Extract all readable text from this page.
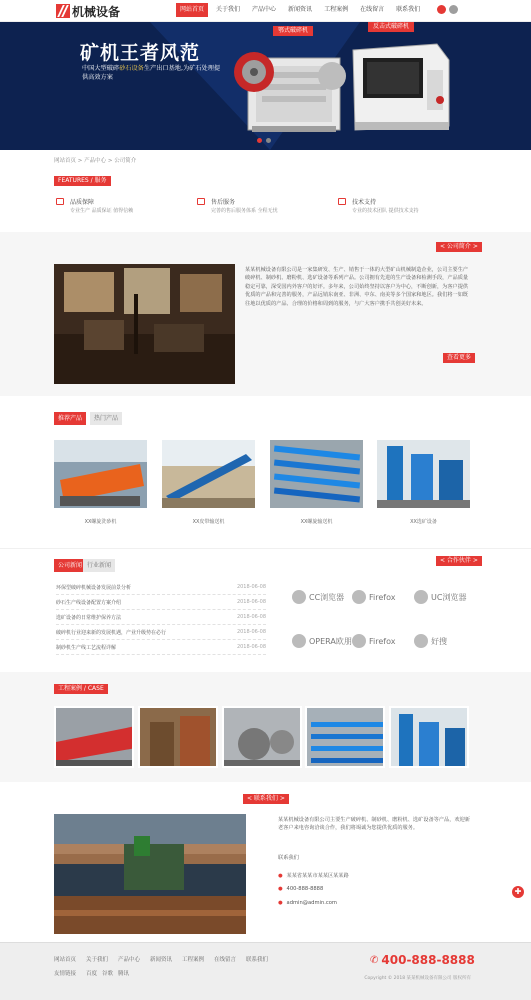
机械设备	网站首页	关于我们	产品中心	新闻资讯	工程案例	在线留言	联系我们
矿机王者风范
中国大型破碎砂石设备生产出口基地,为矿石处理提供高效方案
鄂式破碎机
反击式破碎机
网站首页 > 产品中心 > 公司简介
FEATURES / 服务
品质保障
专业生产 品质保证 值得信赖
售后服务
完善的售后服务体系 全程无忧
技术支持
专业的技术团队 提供技术支持
< 公司简介 >
某某机械设备有限公司是一家集研发、生产、销售于一体的大型矿山机械制造企业，公司主要生产破碎机、制砂机、磨粉机、选矿设备等系列产品。公司拥有先进的生产设备和检测手段，产品质量稳定可靠，深受国内外客户的好评。多年来，公司始终坚持以客户为中心，不断创新，为客户提供优质的产品和完善的服务，产品远销东南亚、非洲、中东、南美等多个国家和地区。我们将一如既往地以优质的产品、合理的价格和周到的服务，与广大客户携手共创美好未来。
查看更多
推荐产品	热门产品
XX螺旋洗砂机	XX皮带输送机	XX螺旋输送机	XX选矿设备
公司新闻 行业新闻
< 合作伙伴 >
环保型破碎机械设备发展前景分析	2018-06-08
砂石生产线设备配置方案介绍	2018-06-08
选矿设备的日常维护保养方法	2018-06-08
破碎机行业迎来新的发展机遇，产业升级势在必行	2018-06-08
制砂机生产线工艺流程详解	2018-06-08
CC浏览器	Firefox	UC浏览器
OPERA欧朋 Firefox	好搜
工程案例 / CASE
< 联系我们 >
某某机械设备有限公司主要生产破碎机、制砂机、磨粉机、选矿设备等产品，欢迎新老客户来电咨询洽谈合作，我们将竭诚为您提供优质的服务。
联系我们
● 某某省某某市某某区某某路
● 400-888-8888
● admin@admin.com
网站首页 关于我们 产品中心 新闻资讯 工程案例 在线留言 联系我们
友情链接 百度 谷歌 腾讯
✆ 400-888-8888
Copyright © 2018 某某机械设备有限公司 版权所有
✚
